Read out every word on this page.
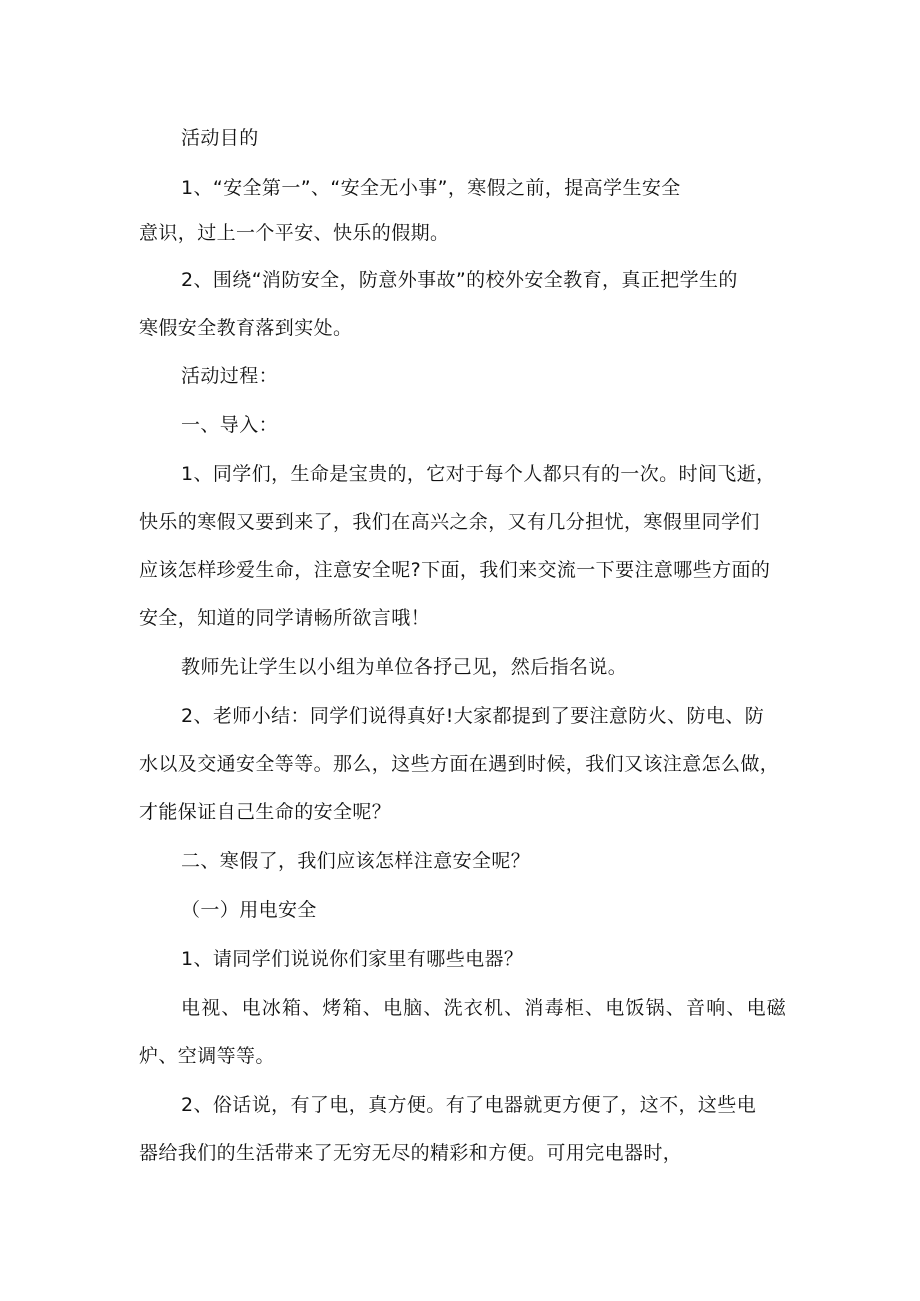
活动目的

1、“安全第一”、“安全无小事”，寒假之前，提高学生安全

意识，过上一个平安、快乐的假期。

2、围绕“消防安全，防意外事故”的校外安全教育，真正把学生的

寒假安全教育落到实处。

活动过程：

一、导入：

1、同学们，生命是宝贵的，它对于每个人都只有的一次。时间飞逝，

快乐的寒假又要到来了，我们在高兴之余，又有几分担忧，寒假里同学们

应该怎样珍爱生命，注意安全呢?下面，我们来交流一下要注意哪些方面的

安全，知道的同学请畅所欲言哦！

教师先让学生以小组为单位各抒己见，然后指名说。

2、老师小结：同学们说得真好!大家都提到了要注意防火、防电、防

水以及交通安全等等。那么，这些方面在遇到时候，我们又该注意怎么做，

才能保证自己生命的安全呢？

二、寒假了，我们应该怎样注意安全呢？

（一）用电安全

1、请同学们说说你们家里有哪些电器？

电视、电冰箱、烤箱、电脑、洗衣机、消毒柜、电饭锅、音响、电磁

炉、空调等等。

2、俗话说，有了电，真方便。有了电器就更方便了，这不，这些电

器给我们的生活带来了无穷无尽的精彩和方便。可用完电器时，
